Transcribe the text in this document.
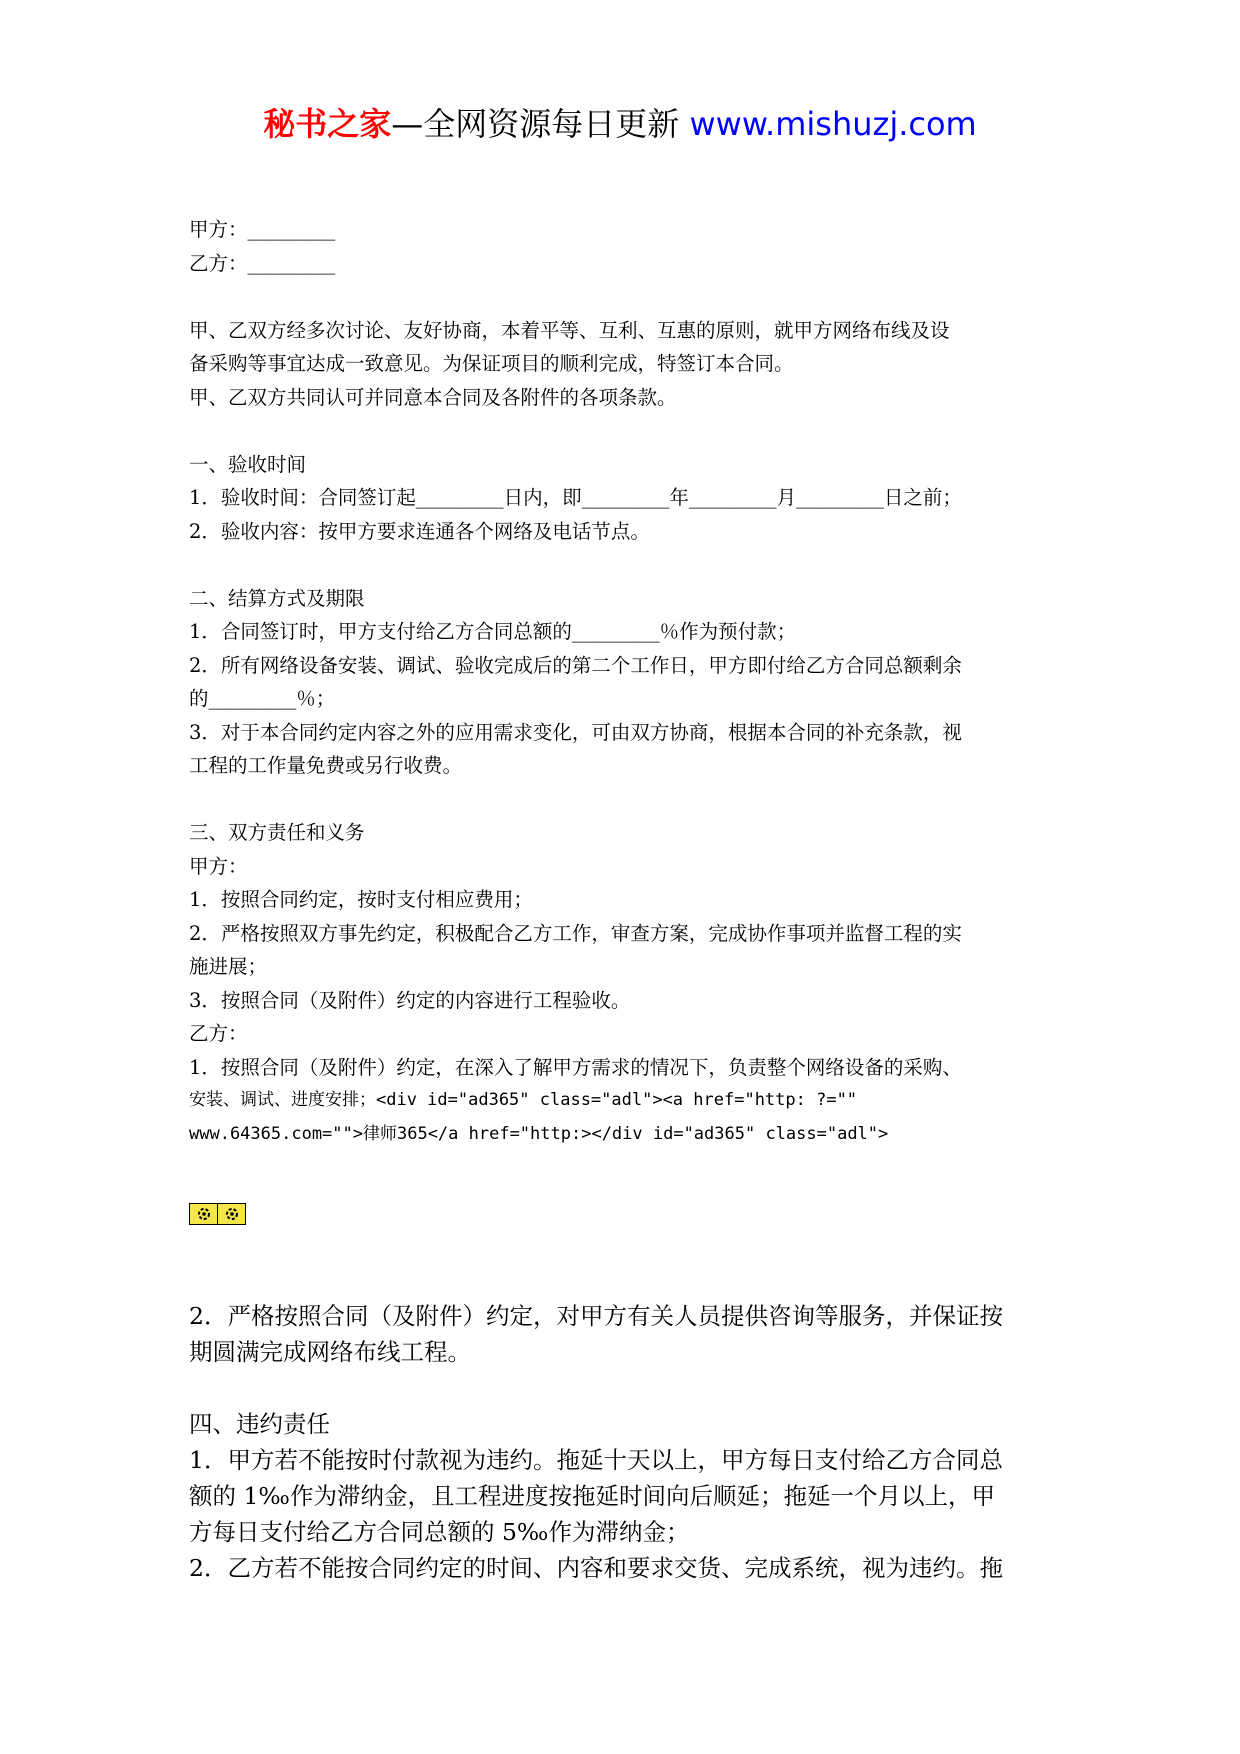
秘书之家—全网资源每日更新 www.mishuzj.com
甲方：_________
乙方：_________
甲、乙双方经多次讨论、友好协商，本着平等、互利、互惠的原则，就甲方网络布线及设
备采购等事宜达成一致意见。为保证项目的顺利完成，特签订本合同。
甲、乙双方共同认可并同意本合同及各附件的各项条款。
一、验收时间
1．验收时间：合同签订起_________日内，即_________年_________月_________日之前；
2．验收内容：按甲方要求连通各个网络及电话节点。
二、结算方式及期限
1．合同签订时，甲方支付给乙方合同总额的_________％作为预付款；
2．所有网络设备安装、调试、验收完成后的第二个工作日，甲方即付给乙方合同总额剩余
的_________％；
3．对于本合同约定内容之外的应用需求变化，可由双方协商，根据本合同的补充条款，视
工程的工作量免费或另行收费。
三、双方责任和义务
甲方：
1．按照合同约定，按时支付相应费用；
2．严格按照双方事先约定，积极配合乙方工作，审查方案，完成协作事项并监督工程的实
施进展；
3．按照合同（及附件）约定的内容进行工程验收。
乙方：
1．按照合同（及附件）约定，在深入了解甲方需求的情况下，负责整个网络设备的采购、
安装、调试、进度安排；<div id="ad365" class="adl"><a href="http: ?=""
www.64365.com="">律师365</a href="http:></div id="ad365" class="adl">
2．严格按照合同（及附件）约定，对甲方有关人员提供咨询等服务，并保证按
期圆满完成网络布线工程。
四、违约责任
1．甲方若不能按时付款视为违约。拖延十天以上，甲方每日支付给乙方合同总
额的 1‰作为滞纳金，且工程进度按拖延时间向后顺延；拖延一个月以上，甲
方每日支付给乙方合同总额的 5‰作为滞纳金；
2．乙方若不能按合同约定的时间、内容和要求交货、完成系统，视为违约。拖
